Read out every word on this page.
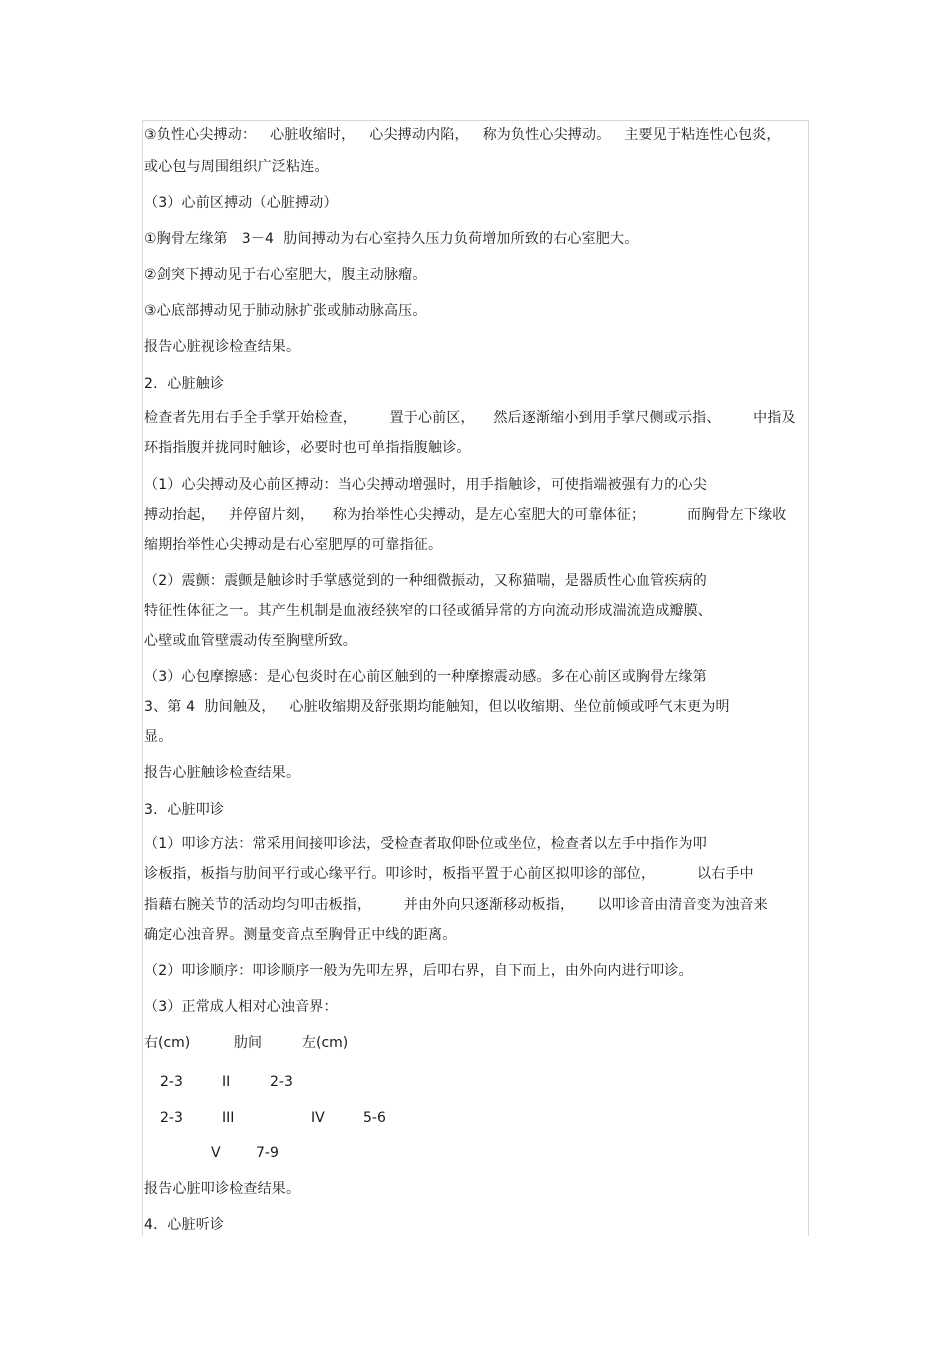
③负性心尖搏动：   心脏收缩时，   心尖搏动内陷，   称为负性心尖搏动。   主要见于粘连性心包炎，
或心包与周围组织广泛粘连。
（3）心前区搏动（心脏搏动）
①胸骨左缘第   3－4  肋间搏动为右心室持久压力负荷增加所致的右心室肥大。
②剑突下搏动见于右心室肥大，腹主动脉瘤。
③心底部搏动见于肺动脉扩张或肺动脉高压。
报告心脏视诊检查结果。
2．心脏触诊
检查者先用右手全手掌开始检查，       置于心前区，    然后逐渐缩小到用手掌尺侧或示指、       中指及
环指指腹并拢同时触诊，必要时也可单指指腹触诊。
（1）心尖搏动及心前区搏动：当心尖搏动增强时，用手指触诊，可使指端被强有力的心尖
搏动抬起，   并停留片刻，    称为抬举性心尖搏动，是左心室肥大的可靠体征；         而胸骨左下缘收
缩期抬举性心尖搏动是右心室肥厚的可靠指征。
（2）震颤：震颤是触诊时手掌感觉到的一种细微振动，又称猫喘，是器质性心血管疾病的
特征性体征之一。其产生机制是血液经狭窄的口径或循异常的方向流动形成湍流造成瓣膜、
心壁或血管壁震动传至胸壁所致。
（3）心包摩擦感：是心包炎时在心前区触到的一种摩擦震动感。多在心前区或胸骨左缘第
3、第 4  肋间触及，   心脏收缩期及舒张期均能触知，但以收缩期、坐位前倾或呼气末更为明
显。
报告心脏触诊检查结果。
3．心脏叩诊
（1）叩诊方法：常采用间接叩诊法，受检查者取仰卧位或坐位，检查者以左手中指作为叩
诊板指，板指与肋间平行或心缘平行。叩诊时，板指平置于心前区拟叩诊的部位，         以右手中
指藉右腕关节的活动均匀叩击板指，       并由外向只逐渐移动板指，     以叩诊音由清音变为浊音来
确定心浊音界。测量变音点至胸骨正中线的距离。
（2）叩诊顺序：叩诊顺序一般为先叩左界，后叩右界，自下而上，由外向内进行叩诊。
（3）正常成人相对心浊音界：
报告心脏叩诊检查结果。
4．心脏听诊
右(cm)	肋间	左(cm)
2-3	II	2-3
2-3	III	IV	5-6
V	7-9
